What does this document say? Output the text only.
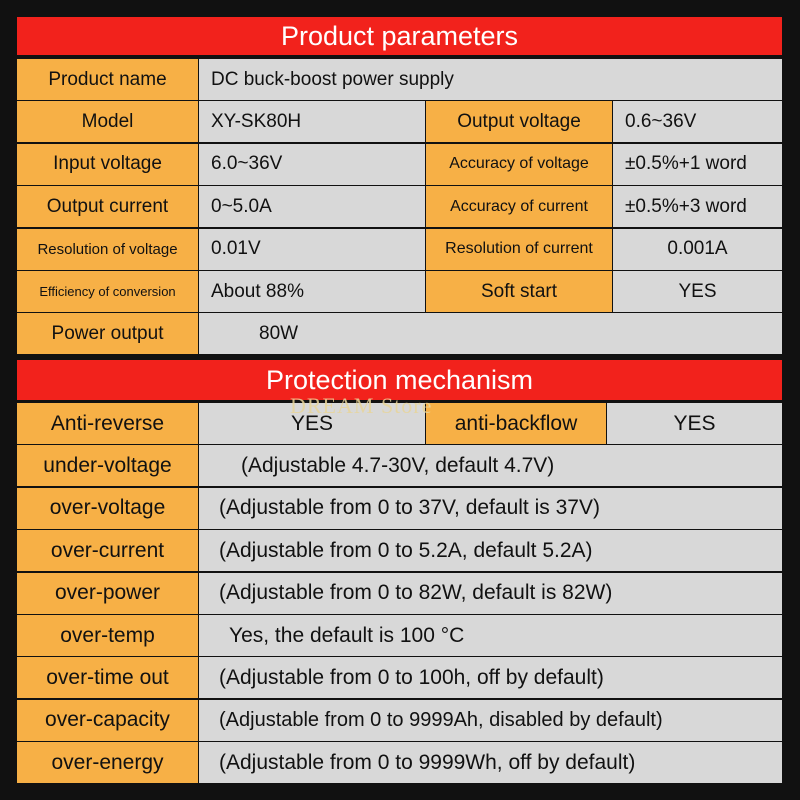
Product parameters
Product name	DC buck-boost power supply
Model	XY-SK80H	Output voltage	0.6~36V
Input voltage	6.0~36V	Accuracy of voltage	±0.5%+1 word
Output current	0~5.0A	Accuracy of current	±0.5%+3 word
Resolution of voltage	0.01V	Resolution of current	0.001A
Efficiency of conversion	About 88%	Soft start	YES
Power output	80W
Protection mechanism
Anti-reverse	YES	anti-backflow	YES
under-voltage	(Adjustable 4.7-30V, default 4.7V)
over-voltage	(Adjustable from 0 to 37V, default is 37V)
over-current	(Adjustable from 0 to 5.2A, default 5.2A)
over-power	(Adjustable from 0 to 82W, default is 82W)
over-temp	Yes, the default is 100 °C
over-time out	(Adjustable from 0 to 100h, off by default)
over-capacity	(Adjustable from 0 to 9999Ah, disabled by default)
over-energy	(Adjustable from 0 to 9999Wh, off by default)
DREAM Store
